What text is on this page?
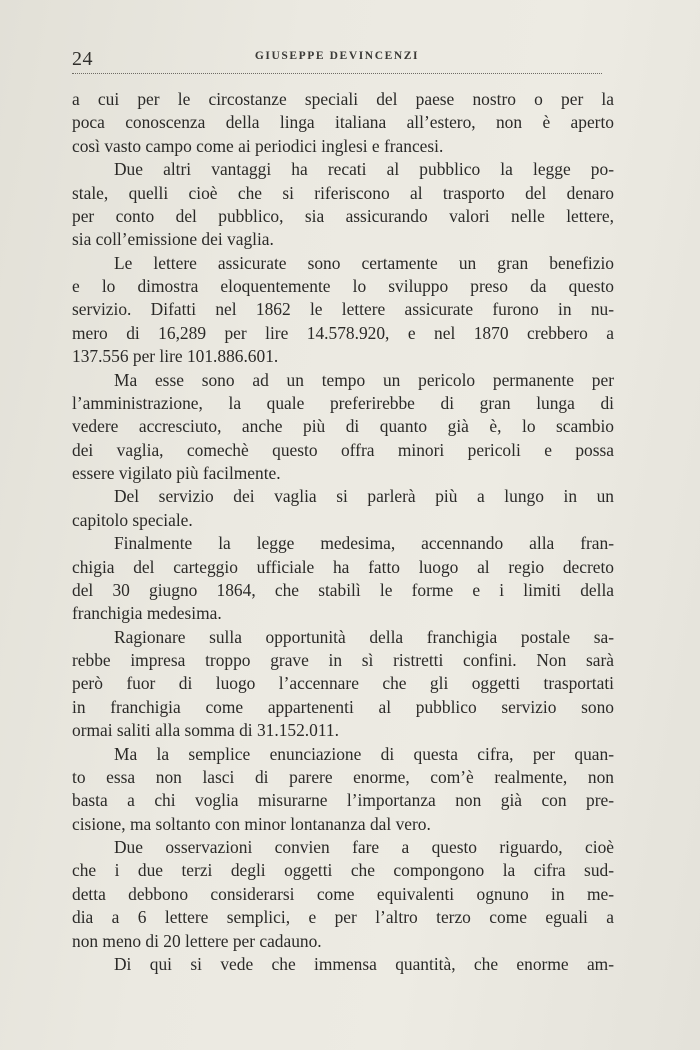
24	GIUSEPPE DEVINCENZI
a cui per le circostanze speciali del paese nostro o per la
poca conoscenza della linga italiana all’estero, non è aperto
così vasto campo come ai periodici inglesi e francesi.
Due altri vantaggi ha recati al pubblico la legge po-
stale, quelli cioè che si riferiscono al trasporto del denaro
per conto del pubblico, sia assicurando valori nelle lettere,
sia coll’emissione dei vaglia.
Le lettere assicurate sono certamente un gran benefizio
e lo dimostra eloquentemente lo sviluppo preso da questo
servizio. Difatti nel 1862 le lettere assicurate furono in nu-
mero di 16,289 per lire 14.578.920, e nel 1870 crebbero a
137.556 per lire 101.886.601.
Ma esse sono ad un tempo un pericolo permanente per
l’amministrazione, la quale preferirebbe di gran lunga di
vedere accresciuto, anche più di quanto già è, lo scambio
dei vaglia, comechè questo offra minori pericoli e possa
essere vigilato più facilmente.
Del servizio dei vaglia si parlerà più a lungo in un
capitolo speciale.
Finalmente la legge medesima, accennando alla fran-
chigia del carteggio ufficiale ha fatto luogo al regio decreto
del 30 giugno 1864, che stabilì le forme e i limiti della
franchigia medesima.
Ragionare sulla opportunità della franchigia postale sa-
rebbe impresa troppo grave in sì ristretti confini. Non sarà
però fuor di luogo l’accennare che gli oggetti trasportati
in franchigia come appartenenti al pubblico servizio sono
ormai saliti alla somma di 31.152.011.
Ma la semplice enunciazione di questa cifra, per quan-
to essa non lasci di parere enorme, com’è realmente, non
basta a chi voglia misurarne l’importanza non già con pre-
cisione, ma soltanto con minor lontananza dal vero.
Due osservazioni convien fare a questo riguardo, cioè
che i due terzi degli oggetti che compongono la cifra sud-
detta debbono considerarsi come equivalenti ognuno in me-
dia a 6 lettere semplici, e per l’altro terzo come eguali a
non meno di 20 lettere per cadauno.
Di qui si vede che immensa quantità, che enorme am-
